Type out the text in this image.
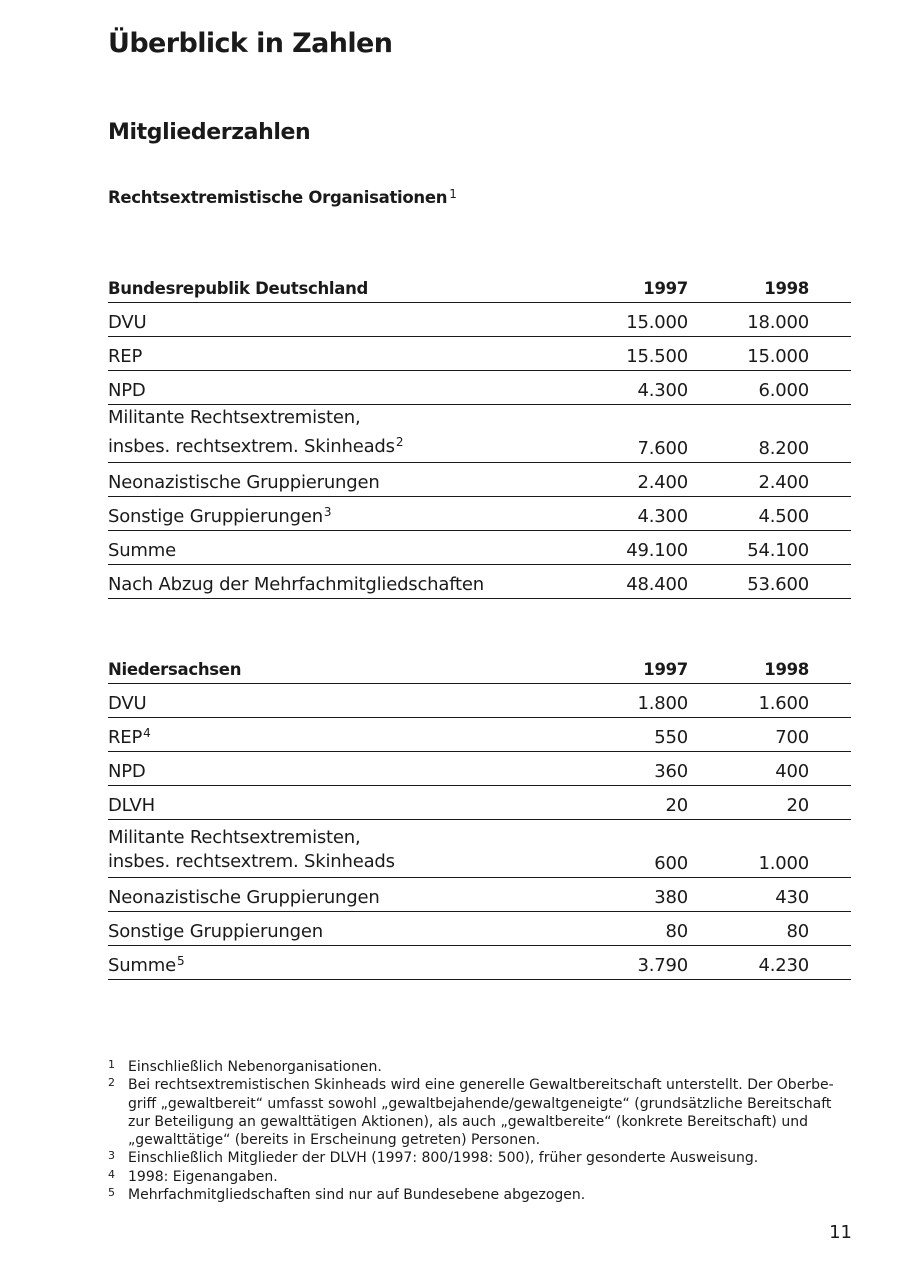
Überblick in Zahlen
Mitgliederzahlen
Rechtsextremistische Organisationen $^1$
Bundesrepublik Deutschland	1997	1998	
DVU	15.000	18.000	
REP	15.500	15.000	
NPD	4.300	6.000	
Militante Rechtsextremisten,
insbes. rechtsextrem. Skinheads$^2$	7.600	8.200	
Neonazistische Gruppierungen	2.400	2.400	
Sonstige Gruppierungen$^3$	4.300	4.500	
Summe	49.100	54.100	
Nach Abzug der Mehrfachmitgliedschaften	48.400	53.600	
Niedersachsen	1997	1998	
DVU	1.800	1.600	
REP$^4$	550	700	
NPD	360	400	
DLVH	20	20	
Militante Rechtsextremisten,
insbes. rechtsextrem. Skinheads	600	1.000	
Neonazistische Gruppierungen	380	430	
Sonstige Gruppierungen	80	80	
Summe$^5$	3.790	4.230	
1 Einschließlich Nebenorganisationen.
2 Bei rechtsextremistischen Skinheads wird eine generelle Gewaltbereitschaft unterstellt. Der Oberbe-
griff „gewaltbereit“ umfasst sowohl „gewaltbejahende/gewaltgeneigte“ (grundsätzliche Bereitschaft
zur Beteiligung an gewalttätigen Aktionen), als auch „gewaltbereite“ (konkrete Bereitschaft) und
„gewalttätige“ (bereits in Erscheinung getreten) Personen.
3 Einschließlich Mitglieder der DLVH (1997: 800/1998: 500), früher gesonderte Ausweisung.
4 1998: Eigenangaben.
5 Mehrfachmitgliedschaften sind nur auf Bundesebene abgezogen.
11
